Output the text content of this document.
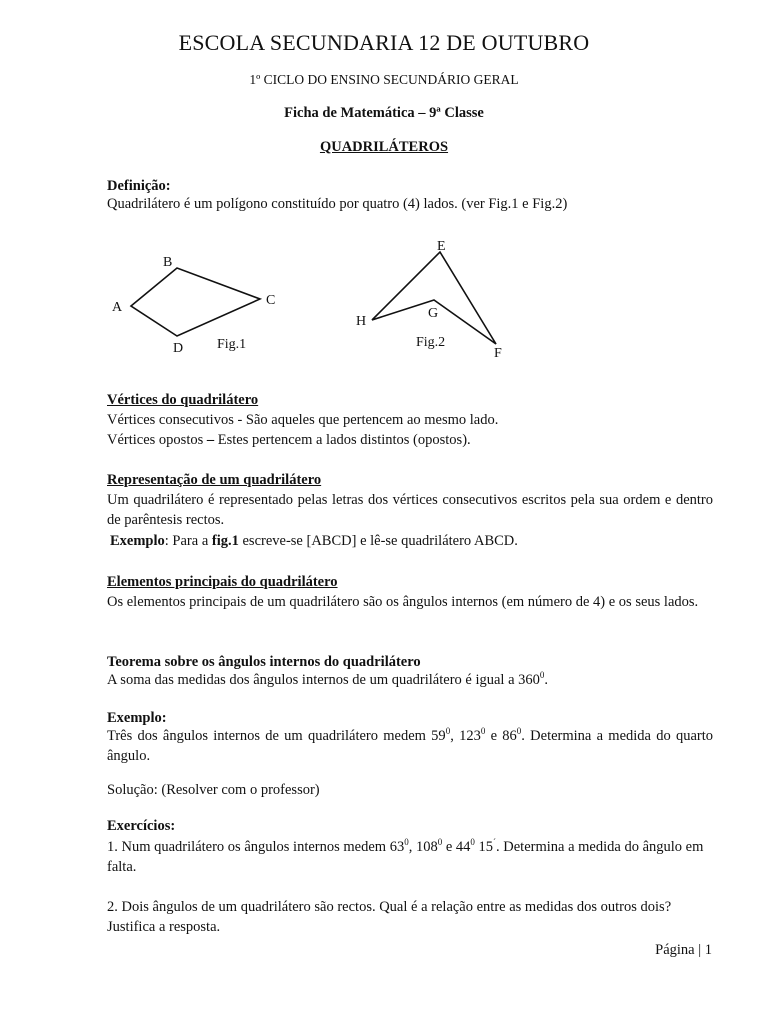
ESCOLA SECUNDARIA 12 DE OUTUBRO
1º CICLO DO ENSINO SECUNDÁRIO GERAL
Ficha de Matemática – 9ª Classe
QUADRILÁTEROS
Definição:
Quadrilátero é um polígono constituído por quatro (4) lados. (ver Fig.1 e Fig.2)
A
B
C
D Fig.1
E
G
H
F
Fig.2
Vértices do quadrilátero
Vértices consecutivos - São aqueles que pertencem ao mesmo lado.
Vértices opostos – Estes pertencem a lados distintos (opostos).
Representação de um quadrilátero
Um quadrilátero é representado pelas letras dos vértices consecutivos escritos pela sua ordem e dentro de parêntesis rectos.
Exemplo: Para a fig.1 escreve-se [ABCD] e lê-se quadrilátero ABCD.
Elementos principais do quadrilátero
Os elementos principais de um quadrilátero são os ângulos internos (em número de 4) e os seus lados.
Teorema sobre os ângulos internos do quadrilátero
A soma das medidas dos ângulos internos de um quadrilátero é igual a $360^0$.
Exemplo:
Três dos ângulos internos de um quadrilátero medem $59^0$, $123^0$ e $86^0$. Determina a medida do quarto ângulo.
Solução: (Resolver com o professor)
Exercícios:
1. Num quadrilátero os ângulos internos medem $63^0$, $108^0$ e $44^0$ 15´. Determina a medida do ângulo em falta.
2. Dois ângulos de um quadrilátero são rectos. Qual é a relação entre as medidas dos outros dois? Justifica a resposta.
Página | 1
